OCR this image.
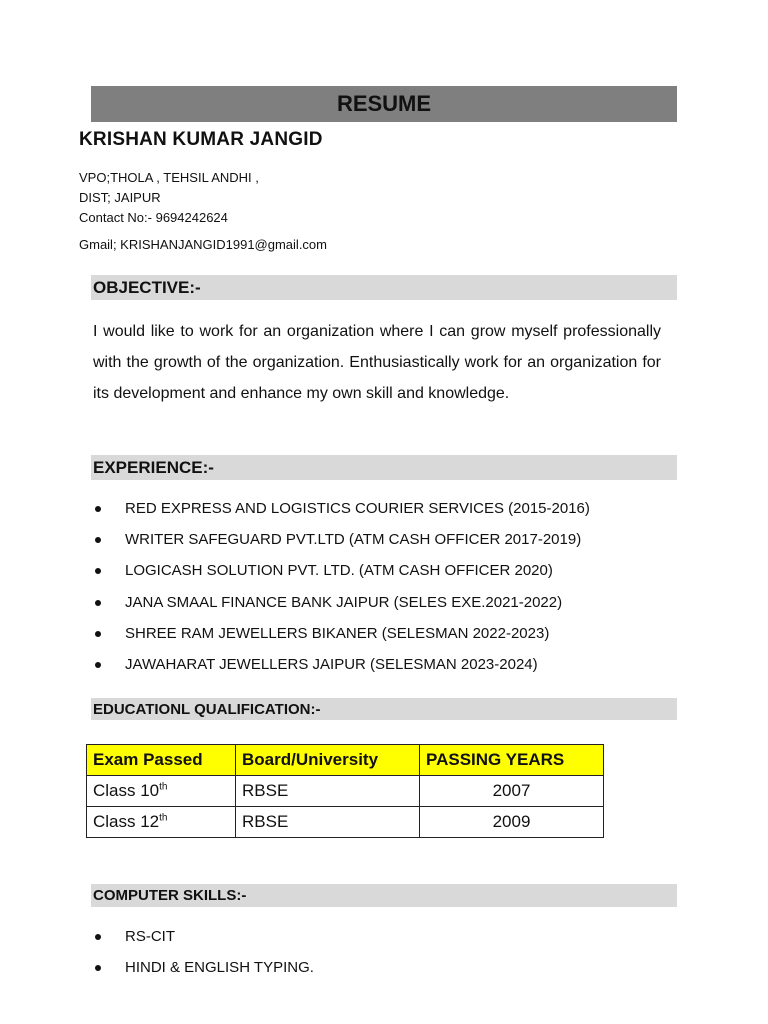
RESUME
KRISHAN KUMAR JANGID
VPO;THOLA , TEHSIL ANDHI ,
DIST; JAIPUR
Contact No:- 9694242624
Gmail; KRISHANJANGID1991@gmail.com
OBJECTIVE:-

I would like to work for an organization where I can grow myself professionally with the growth of the organization. Enthusiastically work for an organization for its development and enhance my own skill and knowledge.

EXPERIENCE:-
RED EXPRESS AND LOGISTICS COURIER SERVICES (2015-2016)
WRITER SAFEGUARD PVT.LTD (ATM CASH OFFICER 2017-2019)
LOGICASH SOLUTION PVT. LTD. (ATM CASH OFFICER 2020)
JANA SMAAL FINANCE BANK JAIPUR (SELES EXE.2021-2022)
SHREE RAM JEWELLERS BIKANER (SELESMAN 2022-2023)
JAWAHARAT JEWELLERS JAIPUR (SELESMAN 2023-2024)
EDUCATIONL QUALIFICATION:-
Exam Passed	Board/University	PASSING YEARS
Class 10th	RBSE	2007
Class 12th	RBSE	2009
COMPUTER SKILLS:-
RS-CIT
HINDI & ENGLISH TYPING.
